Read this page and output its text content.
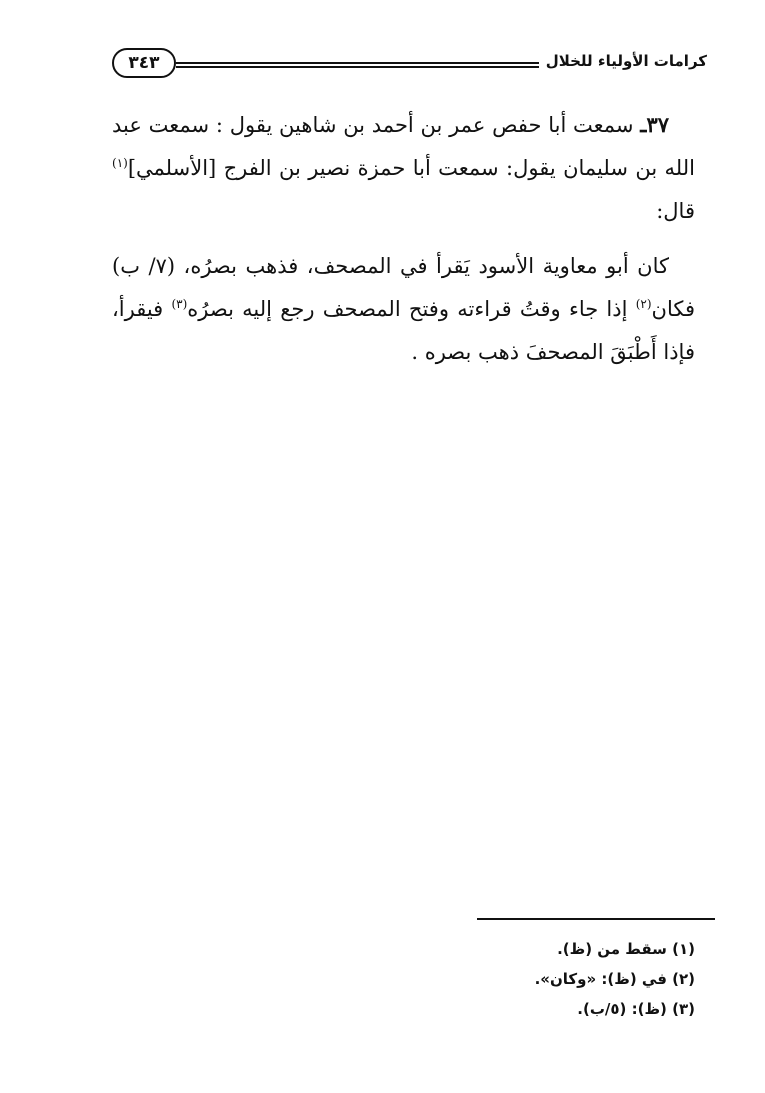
كرامات الأولياء للخلال
٣٤٣

٣٧ـ سمعت أبا حفص عمر بن أحمد بن شاهين يقول : سمعت عبد الله بن سليمان يقول: سمعت أبا حمزة نصير بن الفرج [الأسلمي]$^{(١)}$ قال:

كان أبو معاوية الأسود يَقرأ في المصحف، فذهب بصرُه، (٧/ ب) فكان$^{(٢)}$ إذا جاء وقتُ قراءته وفتح المصحف رجع إليه بصرُه$^{(٣)}$ فيقرأ، فإذا أَطْبَقَ المصحفَ ذهب بصره .

(١) سقط من (ظ).
(٢) في (ظ): «وكان».
(٣) (ظ): (٥/ب).
